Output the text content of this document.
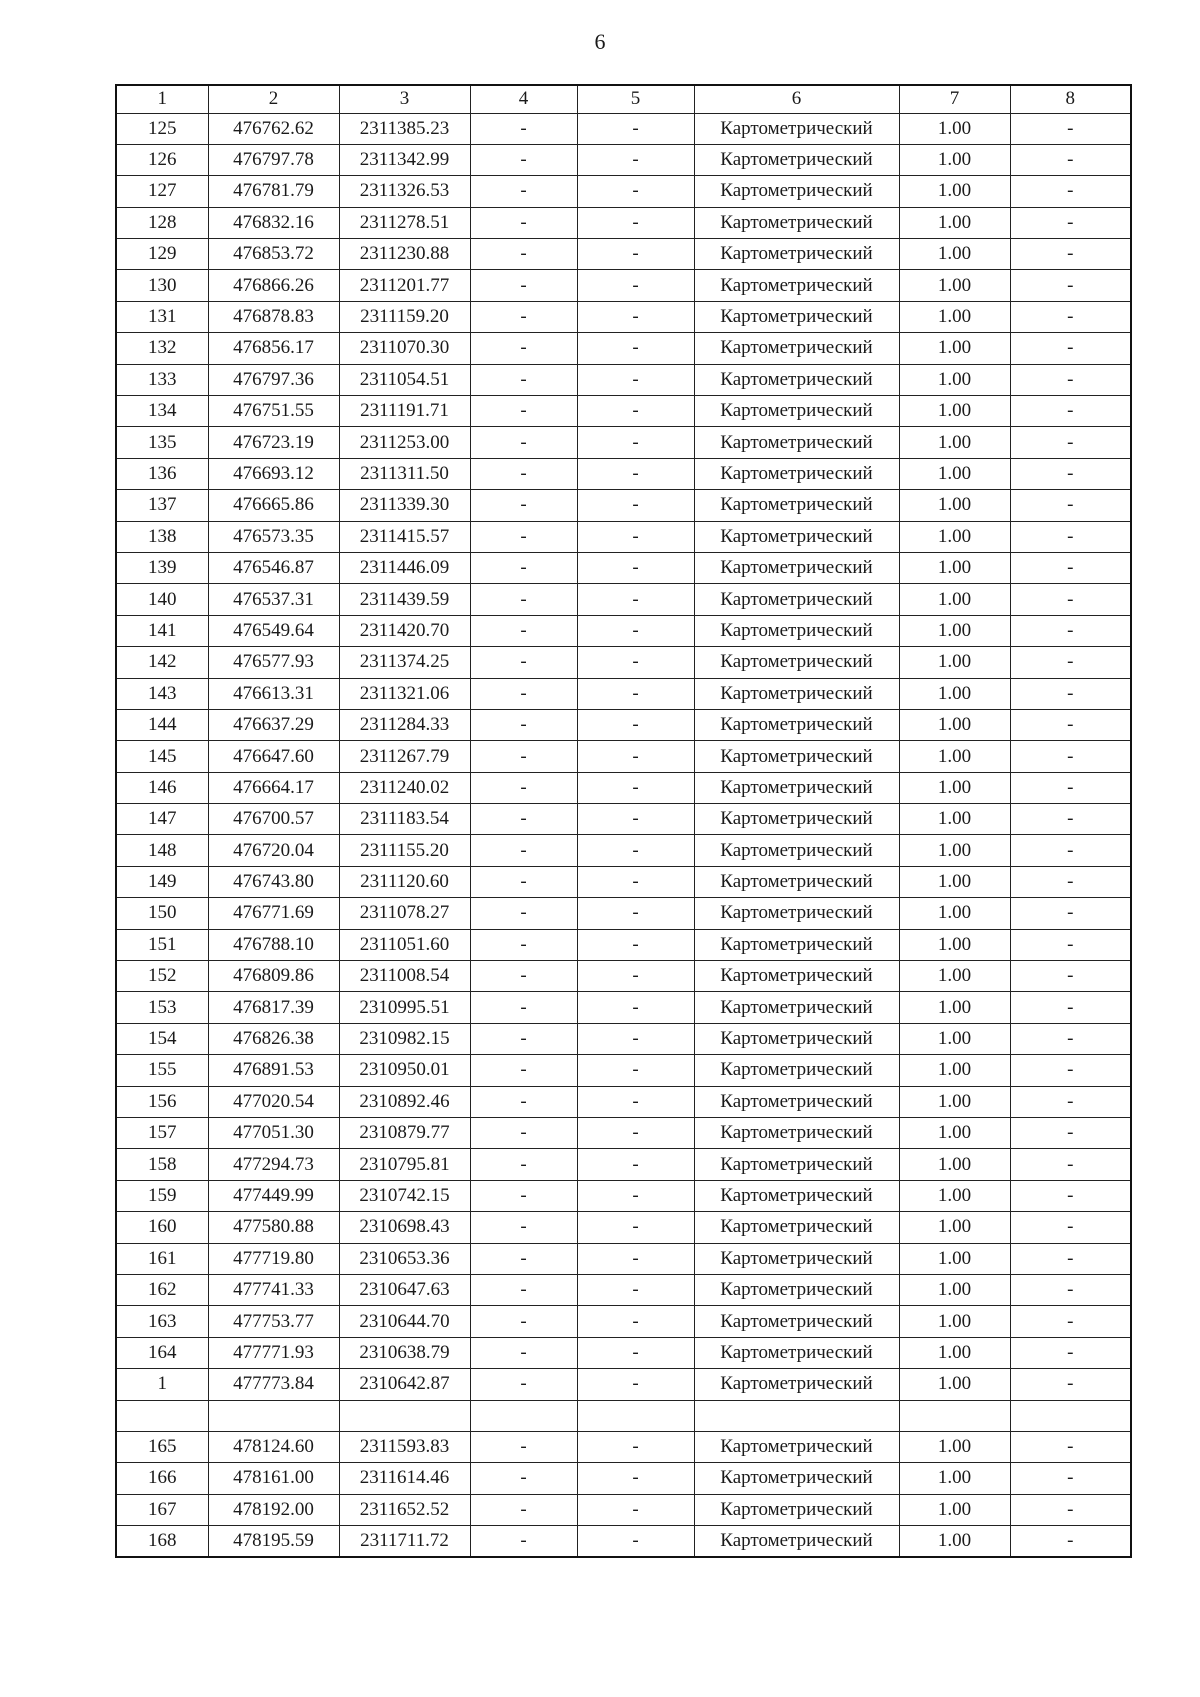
6
1	2	3	4	5	6	7	8
125	476762.62	2311385.23	-	-	Картометрический	1.00	-
126	476797.78	2311342.99	-	-	Картометрический	1.00	-
127	476781.79	2311326.53	-	-	Картометрический	1.00	-
128	476832.16	2311278.51	-	-	Картометрический	1.00	-
129	476853.72	2311230.88	-	-	Картометрический	1.00	-
130	476866.26	2311201.77	-	-	Картометрический	1.00	-
131	476878.83	2311159.20	-	-	Картометрический	1.00	-
132	476856.17	2311070.30	-	-	Картометрический	1.00	-
133	476797.36	2311054.51	-	-	Картометрический	1.00	-
134	476751.55	2311191.71	-	-	Картометрический	1.00	-
135	476723.19	2311253.00	-	-	Картометрический	1.00	-
136	476693.12	2311311.50	-	-	Картометрический	1.00	-
137	476665.86	2311339.30	-	-	Картометрический	1.00	-
138	476573.35	2311415.57	-	-	Картометрический	1.00	-
139	476546.87	2311446.09	-	-	Картометрический	1.00	-
140	476537.31	2311439.59	-	-	Картометрический	1.00	-
141	476549.64	2311420.70	-	-	Картометрический	1.00	-
142	476577.93	2311374.25	-	-	Картометрический	1.00	-
143	476613.31	2311321.06	-	-	Картометрический	1.00	-
144	476637.29	2311284.33	-	-	Картометрический	1.00	-
145	476647.60	2311267.79	-	-	Картометрический	1.00	-
146	476664.17	2311240.02	-	-	Картометрический	1.00	-
147	476700.57	2311183.54	-	-	Картометрический	1.00	-
148	476720.04	2311155.20	-	-	Картометрический	1.00	-
149	476743.80	2311120.60	-	-	Картометрический	1.00	-
150	476771.69	2311078.27	-	-	Картометрический	1.00	-
151	476788.10	2311051.60	-	-	Картометрический	1.00	-
152	476809.86	2311008.54	-	-	Картометрический	1.00	-
153	476817.39	2310995.51	-	-	Картометрический	1.00	-
154	476826.38	2310982.15	-	-	Картометрический	1.00	-
155	476891.53	2310950.01	-	-	Картометрический	1.00	-
156	477020.54	2310892.46	-	-	Картометрический	1.00	-
157	477051.30	2310879.77	-	-	Картометрический	1.00	-
158	477294.73	2310795.81	-	-	Картометрический	1.00	-
159	477449.99	2310742.15	-	-	Картометрический	1.00	-
160	477580.88	2310698.43	-	-	Картометрический	1.00	-
161	477719.80	2310653.36	-	-	Картометрический	1.00	-
162	477741.33	2310647.63	-	-	Картометрический	1.00	-
163	477753.77	2310644.70	-	-	Картометрический	1.00	-
164	477771.93	2310638.79	-	-	Картометрический	1.00	-
1	477773.84	2310642.87	-	-	Картометрический	1.00	-

165	478124.60	2311593.83	-	-	Картометрический	1.00	-
166	478161.00	2311614.46	-	-	Картометрический	1.00	-
167	478192.00	2311652.52	-	-	Картометрический	1.00	-
168	478195.59	2311711.72	-	-	Картометрический	1.00	-
